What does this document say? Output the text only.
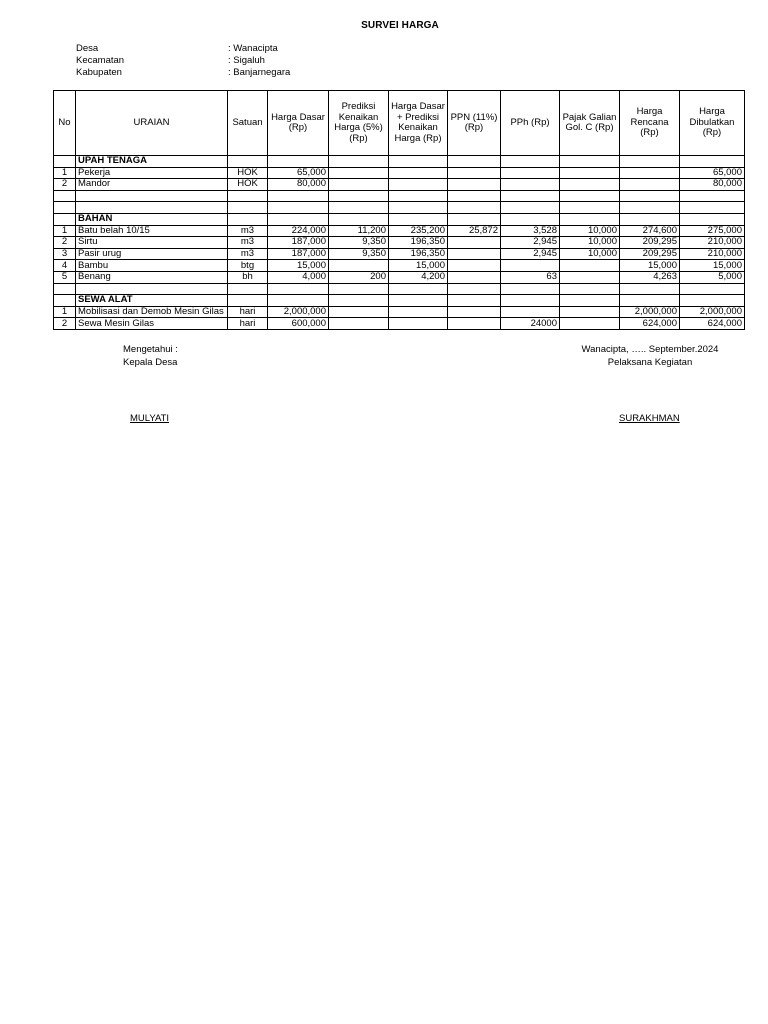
SURVEI HARGA
Desa	: Wanacipta
Kecamatan	: Sigaluh
Kabupaten	: Banjarnegara
No	URAIAN	Satuan	Harga Dasar (Rp)	Prediksi Kenaikan Harga (5%) (Rp)	Harga Dasar + Prediksi Kenaikan Harga (Rp)	PPN (11%) (Rp)	PPh (Rp)	Pajak Galian Gol. C (Rp)	Harga Rencana (Rp)	Harga Dibulatkan (Rp)
	UPAH TENAGA									
1	Pekerja	HOK	65,000							65,000
2	Mandor	HOK	80,000							80,000

	BAHAN									
1	Batu belah 10/15	m3	224,000	11,200	235,200	25,872	3,528	10,000	274,600	275,000
2	Sirtu	m3	187,000	9,350	196,350		2,945	10,000	209,295	210,000
3	Pasir urug	m3	187,000	9,350	196,350		2,945	10,000	209,295	210,000
4	Bambu	btg	15,000		15,000				15,000	15,000
5	Benang	bh	4,000	200	4,200		63		4,263	5,000

	SEWA ALAT									
1	Mobilisasi dan Demob Mesin Gilas	hari	2,000,000						2,000,000	2,000,000
2	Sewa Mesin Gilas	hari	600,000				24000		624,000	624,000
Mengetahui :
Kepala Desa
Wanacipta, ….. September.2024
Pelaksana Kegiatan
MULYATI	SURAKHMAN
